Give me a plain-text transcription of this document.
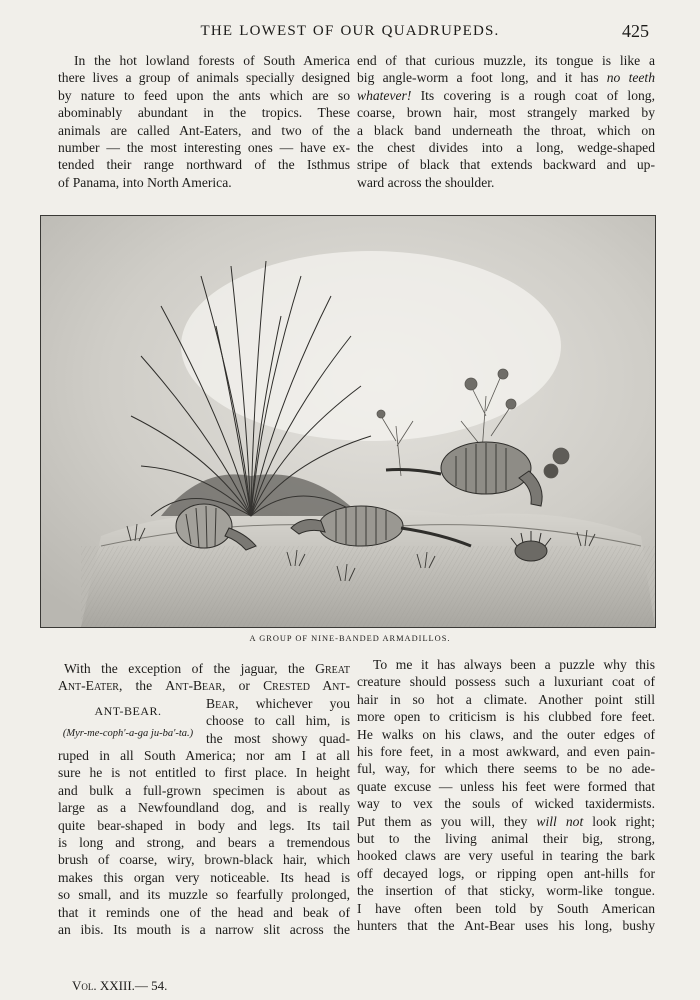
THE LOWEST OF OUR QUADRUPEDS.	425

In the hot lowland forests of South America
there lives a group of animals specially designed
by nature to feed upon the ants which are so
abominably abundant in the tropics. These
animals are called Ant-Eaters, and two of the
number — the most interesting ones — have ex-
tended their range northward of the Isthmus
of Panama, into North America.

end of that curious muzzle, its tongue is like a
big angle-worm a foot long, and it has no teeth
whatever! Its covering is a rough coat of long,
coarse, brown hair, most strangely marked by
a black band underneath the throat, which on
the chest divides into a long, wedge-shaped
stripe of black that extends backward and up-
ward across the shoulder.

A GROUP OF NINE-BANDED ARMADILLOS.
With the exception of the jaguar, the Great
Ant-Eater, the Ant-Bear, or Crested Ant-
ANT-BEAR.
(Myr-me-coph'-a-ga ju-ba'-ta.)
Bear, whichever you
choose to call him, is
the most showy quad-
ruped in all South America; nor am I at all
sure he is not entitled to first place. In height
and bulk a full-grown specimen is about as
large as a Newfoundland dog, and is really
quite bear-shaped in body and legs. Its tail
is long and strong, and bears a tremendous
brush of coarse, wiry, brown-black hair, which
makes this organ very noticeable. Its head is
so small, and its muzzle so fearfully prolonged,
that it reminds one of the head and beak of
an ibis. Its mouth is a narrow slit across the
To me it has always been a puzzle why this
creature should possess such a luxuriant coat of
hair in so hot a climate. Another point still
more open to criticism is his clubbed fore feet.
He walks on his claws, and the outer edges of
his fore feet, in a most awkward, and even pain-
ful, way, for which there seems to be no ade-
quate excuse — unless his feet were formed that
way to vex the souls of wicked taxidermists.
Put them as you will, they will not look right;
but to the living animal their big, strong,
hooked claws are very useful in tearing the bark
off decayed logs, or ripping open ant-hills for
the insertion of that sticky, worm-like tongue.
I have often been told by South American
hunters that the Ant-Bear uses his long, bushy
Vol. XXIII.— 54.
